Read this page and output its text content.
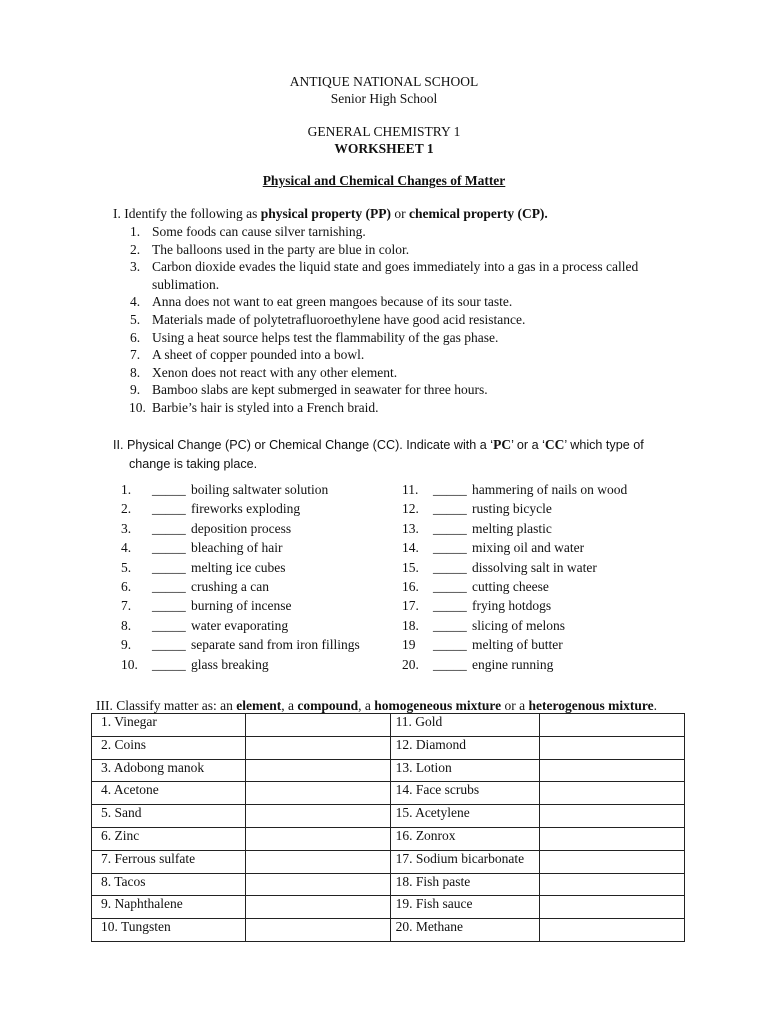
ANTIQUE NATIONAL SCHOOL
Senior High School
GENERAL CHEMISTRY 1
WORKSHEET 1
Physical and Chemical Changes of Matter
I. Identify the following as physical property (PP) or chemical property (CP).
1. Some foods can cause silver tarnishing.
2. The balloons used in the party are blue in color.
3. Carbon dioxide evades the liquid state and goes immediately into a gas in a process called sublimation.
4. Anna does not want to eat green mangoes because of its sour taste.
5. Materials made of polytetrafluoroethylene have good acid resistance.
6. Using a heat source helps test the flammability of the gas phase.
7. A sheet of copper pounded into a bowl.
8. Xenon does not react with any other element.
9. Bamboo slabs are kept submerged in seawater for three hours.
10. Barbie’s hair is styled into a French braid.
II. Physical Change (PC) or Chemical Change (CC). Indicate with a ‘PC’ or a ‘CC’ which type of
change is taking place.
1. _____ boiling saltwater solution
2. _____ fireworks exploding
3. _____ deposition process
4. _____ bleaching of hair
5. _____ melting ice cubes
6. _____ crushing a can
7. _____ burning of incense
8. _____ water evaporating
9. _____ separate sand from iron fillings
10. _____ glass breaking
11. _____ hammering of nails on wood
12. _____ rusting bicycle
13. _____ melting plastic
14. _____ mixing oil and water
15. _____ dissolving salt in water
16. _____ cutting cheese
17. _____ frying hotdogs
18. _____ slicing of melons
19 _____ melting of butter
20. _____ engine running
III. Classify matter as: an element, a compound, a homogeneous mixture or a heterogenous mixture.
1. Vinegar		11. Gold	
2. Coins		12. Diamond	
3. Adobong manok		13. Lotion	
4. Acetone		14. Face scrubs	
5. Sand		15. Acetylene	
6. Zinc		16. Zonrox	
7. Ferrous sulfate		17. Sodium bicarbonate	
8. Tacos		18. Fish paste	
9. Naphthalene		19. Fish sauce	
10. Tungsten		20. Methane	
